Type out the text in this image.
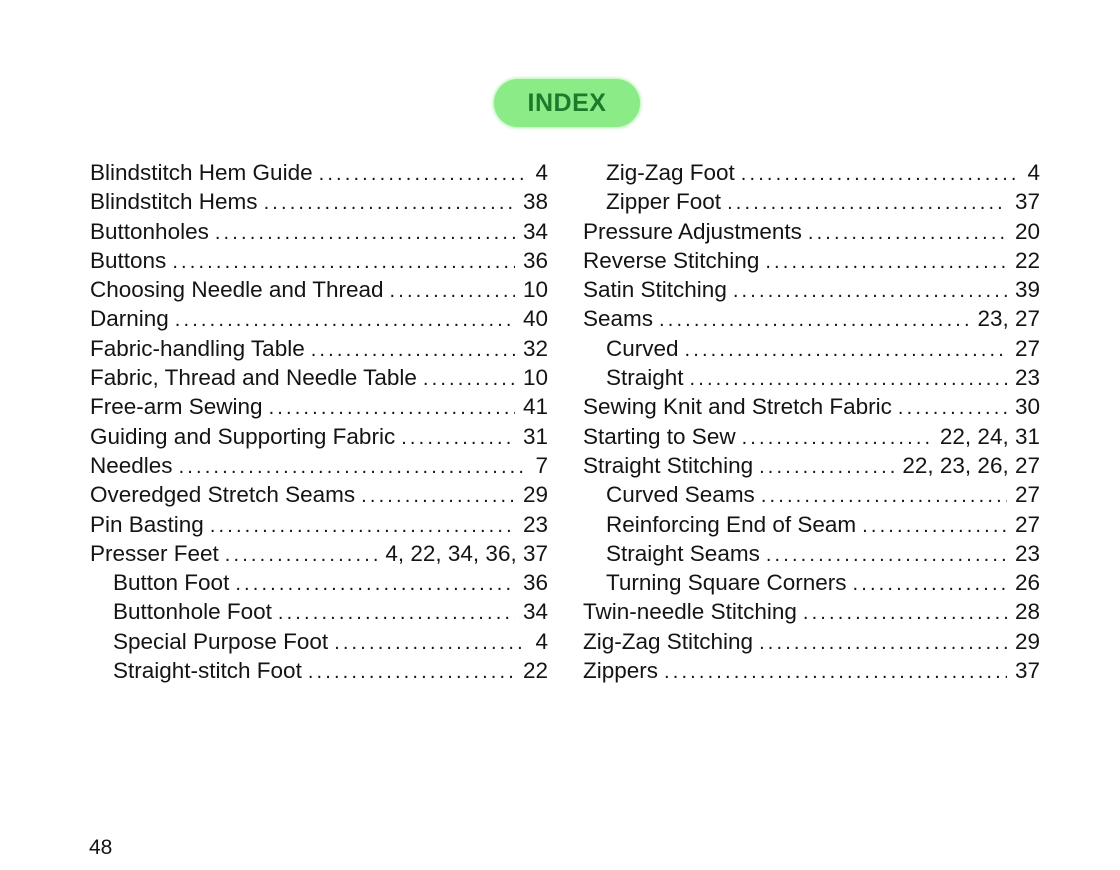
INDEX
Blindstitch Hem Guide . . .	4
Blindstitch Hems . . .	38
Buttonholes . . .	34
Buttons . . .	36
Choosing Needle and Thread . . .	10
Darning . . .	40
Fabric-handling Table . . .	32
Fabric, Thread and Needle Table . . .	10
Free-arm Sewing . . .	41
Guiding and Supporting Fabric . . .	31
Needles . . .	7
Overedged Stretch Seams . . .	29
Pin Basting . . .	23
Presser Feet . . .	4, 22, 34, 36, 37
Button Foot . . .	36
Buttonhole Foot . . .	34
Special Purpose Foot . . .	4
Straight-stitch Foot . . .	22
Zig-Zag Foot . . .	4
Zipper Foot . . .	37
Pressure Adjustments . . .	20
Reverse Stitching . . .	22
Satin Stitching . . .	39
Seams . . .	23, 27
Curved . . .	27
Straight . . .	23
Sewing Knit and Stretch Fabric . . .	30
Starting to Sew . . .	22, 24, 31
Straight Stitching . . .	22, 23, 26, 27
Curved Seams . . .	27
Reinforcing End of Seam . . .	27
Straight Seams . . .	23
Turning Square Corners . . .	26
Twin-needle Stitching . . .	28
Zig-Zag Stitching . . .	29
Zippers . . .	37
48
